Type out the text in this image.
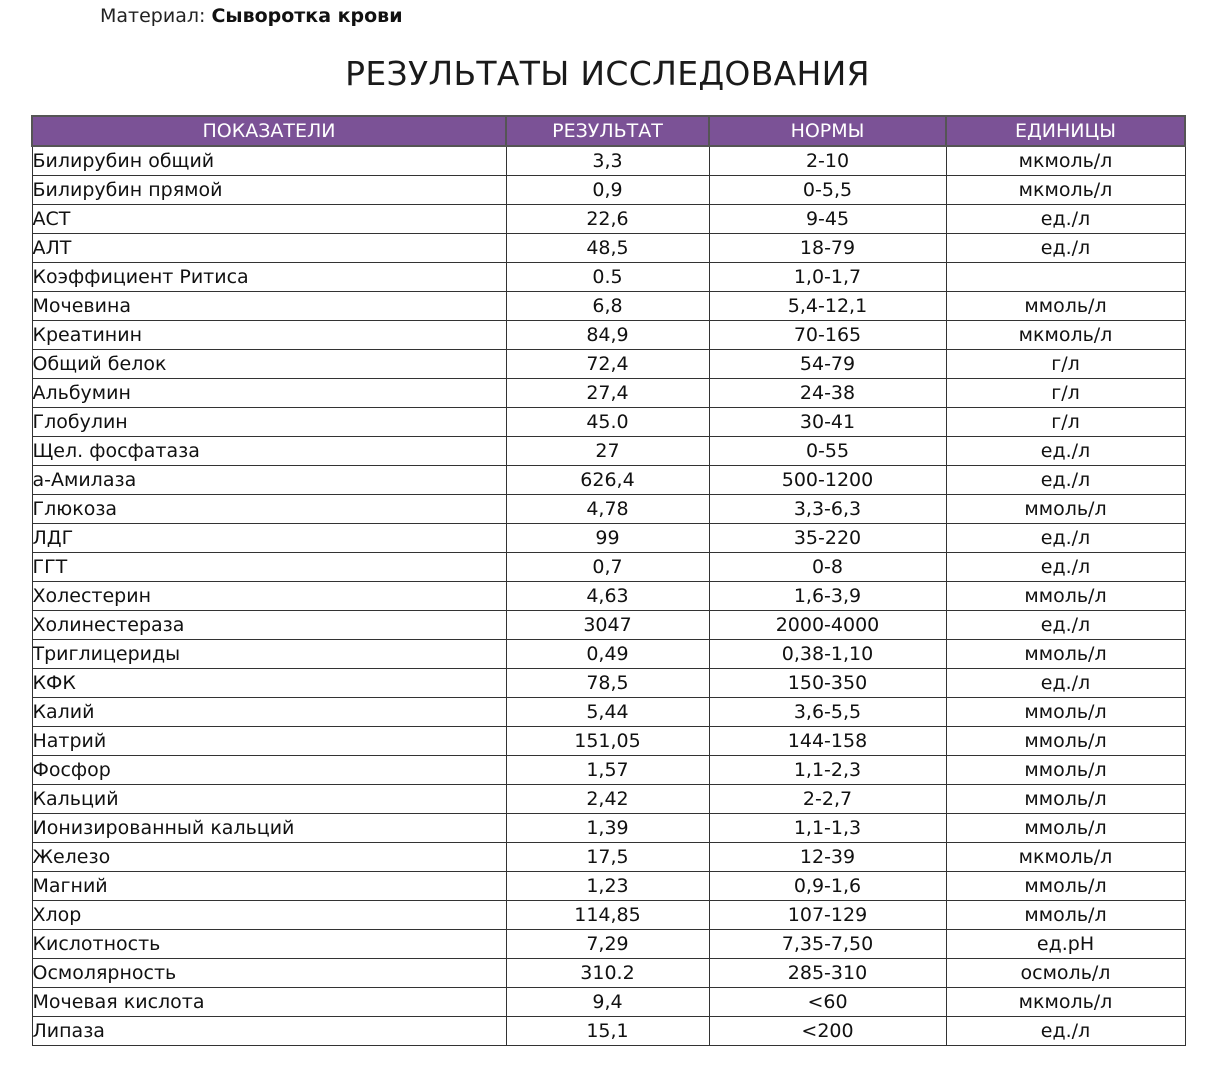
Материал: Сыворотка крови
РЕЗУЛЬТАТЫ ИССЛЕДОВАНИЯ
ПОКАЗАТЕЛИ	РЕЗУЛЬТАТ	НОРМЫ	ЕДИНИЦЫ
Билирубин общий	3,3	2-10	мкмоль/л
Билирубин прямой	0,9	0-5,5	мкмоль/л
АСТ	22,6	9-45	ед./л
АЛТ	48,5	18-79	ед./л
Коэффициент Ритиса	0.5	1,0-1,7	
Мочевина	6,8	5,4-12,1	ммоль/л
Креатинин	84,9	70-165	мкмоль/л
Общий белок	72,4	54-79	г/л
Альбумин	27,4	24-38	г/л
Глобулин	45.0	30-41	г/л
Щел. фосфатаза	27	0-55	ед./л
а-Амилаза	626,4	500-1200	ед./л
Глюкоза	4,78	3,3-6,3	ммоль/л
ЛДГ	99	35-220	ед./л
ГГТ	0,7	0-8	ед./л
Холестерин	4,63	1,6-3,9	ммоль/л
Холинестераза	3047	2000-4000	ед./л
Триглицериды	0,49	0,38-1,10	ммоль/л
КФК	78,5	150-350	ед./л
Калий	5,44	3,6-5,5	ммоль/л
Натрий	151,05	144-158	ммоль/л
Фосфор	1,57	1,1-2,3	ммоль/л
Кальций	2,42	2-2,7	ммоль/л
Ионизированный кальций	1,39	1,1-1,3	ммоль/л
Железо	17,5	12-39	мкмоль/л
Магний	1,23	0,9-1,6	ммоль/л
Хлор	114,85	107-129	ммоль/л
Кислотность	7,29	7,35-7,50	ед.рН
Осмолярность	310.2	285-310	осмоль/л
Мочевая кислота	9,4	<60	мкмоль/л
Липаза	15,1	<200	ед./л
